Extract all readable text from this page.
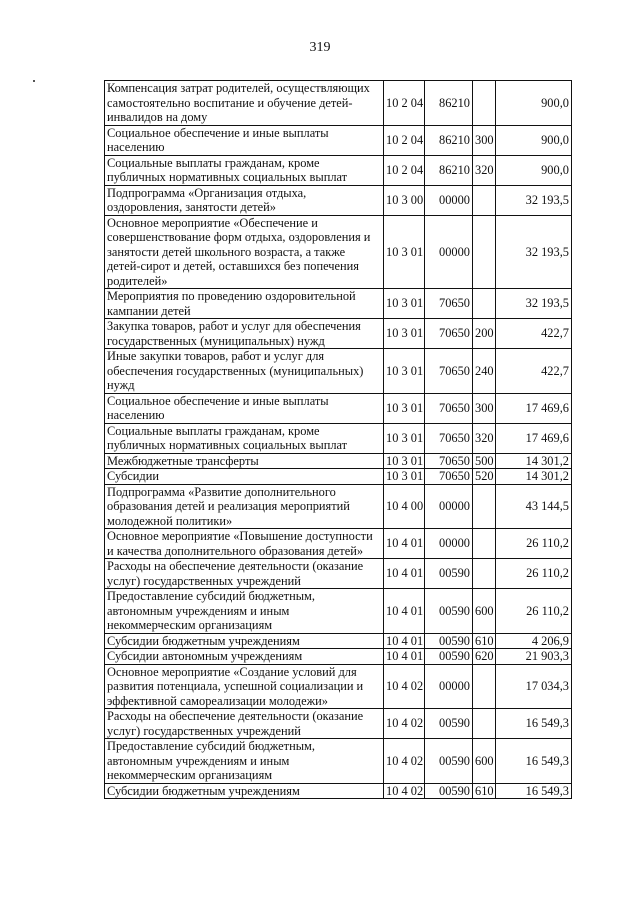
319
Компенсация затрат родителей, осуществляющих самостоятельно воспитание и обучение детей-инвалидов на дому	10 2 04	86210		900,0
Социальное обеспечение и иные выплаты населению	10 2 04	86210	300	900,0
Социальные выплаты гражданам, кроме публичных нормативных социальных выплат	10 2 04	86210	320	900,0
Подпрограмма «Организация отдыха, оздоровления, занятости детей»	10 3 00	00000		32 193,5
Основное мероприятие «Обеспечение и совершенствование форм отдыха, оздоровления и занятости детей школьного возраста, а также детей-сирот и детей, оставшихся без попечения родителей»	10 3 01	00000		32 193,5
Мероприятия по проведению оздоровительной кампании детей	10 3 01	70650		32 193,5
Закупка товаров, работ и услуг для обеспечения государственных (муниципальных) нужд	10 3 01	70650	200	422,7
Иные закупки товаров, работ и услуг для обеспечения государственных (муниципальных) нужд	10 3 01	70650	240	422,7
Социальное обеспечение и иные выплаты населению	10 3 01	70650	300	17 469,6
Социальные выплаты гражданам, кроме публичных нормативных социальных выплат	10 3 01	70650	320	17 469,6
Межбюджетные трансферты	10 3 01	70650	500	14 301,2
Субсидии	10 3 01	70650	520	14 301,2
Подпрограмма «Развитие дополнительного образования детей и реализация мероприятий молодежной политики»	10 4 00	00000		43 144,5
Основное мероприятие «Повышение доступности и качества дополнительного образования детей»	10 4 01	00000		26 110,2
Расходы на обеспечение деятельности (оказание услуг) государственных учреждений	10 4 01	00590		26 110,2
Предоставление субсидий бюджетным, автономным учреждениям и иным некоммерческим организациям	10 4 01	00590	600	26 110,2
Субсидии бюджетным учреждениям	10 4 01	00590	610	4 206,9
Субсидии автономным учреждениям	10 4 01	00590	620	21 903,3
Основное мероприятие «Создание условий для развития потенциала, успешной социализации и эффективной самореализации молодежи»	10 4 02	00000		17 034,3
Расходы на обеспечение деятельности (оказание услуг) государственных учреждений	10 4 02	00590		16 549,3
Предоставление субсидий бюджетным, автономным учреждениям и иным некоммерческим организациям	10 4 02	00590	600	16 549,3
Субсидии бюджетным учреждениям	10 4 02	00590	610	16 549,3
